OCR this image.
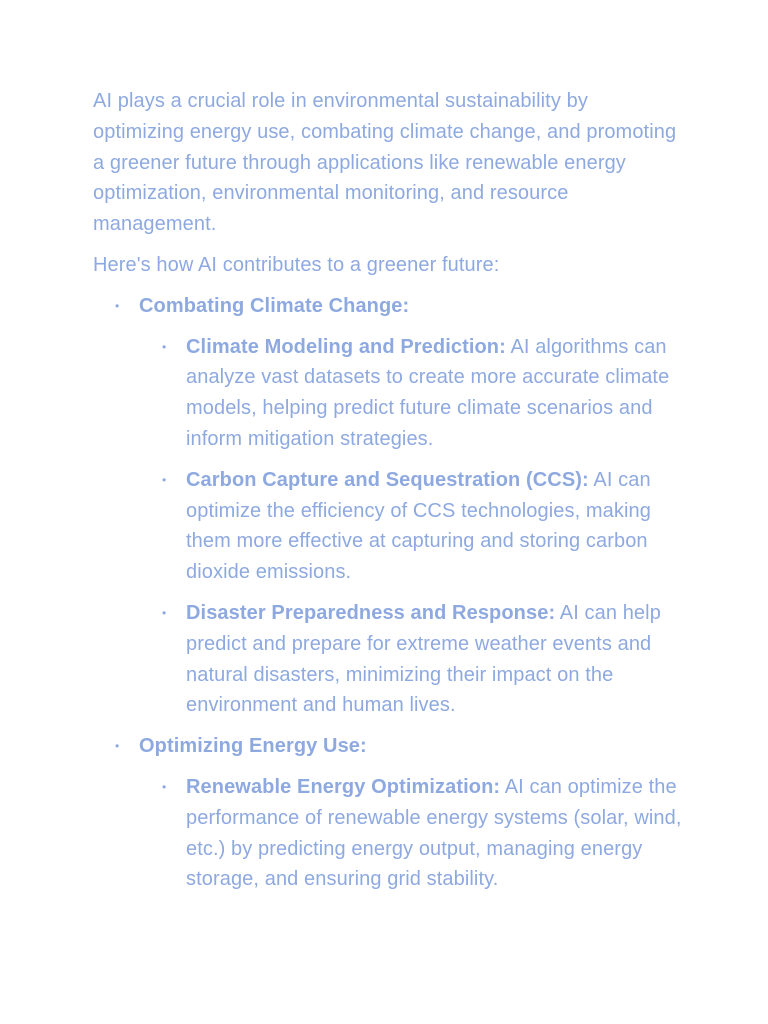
AI plays a crucial role in environmental sustainability by optimizing energy use, combating climate change, and promoting a greener future through applications like renewable energy optimization, environmental monitoring, and resource management.

Here's how AI contributes to a greener future:

• Combating Climate Change:
• Climate Modeling and Prediction: AI algorithms can analyze vast datasets to create more accurate climate models, helping predict future climate scenarios and inform mitigation strategies.
• Carbon Capture and Sequestration (CCS): AI can optimize the efficiency of CCS technologies, making them more effective at capturing and storing carbon dioxide emissions.
• Disaster Preparedness and Response: AI can help predict and prepare for extreme weather events and natural disasters, minimizing their impact on the environment and human lives.
• Optimizing Energy Use:
• Renewable Energy Optimization: AI can optimize the performance of renewable energy systems (solar, wind, etc.) by predicting energy output, managing energy storage, and ensuring grid stability.
